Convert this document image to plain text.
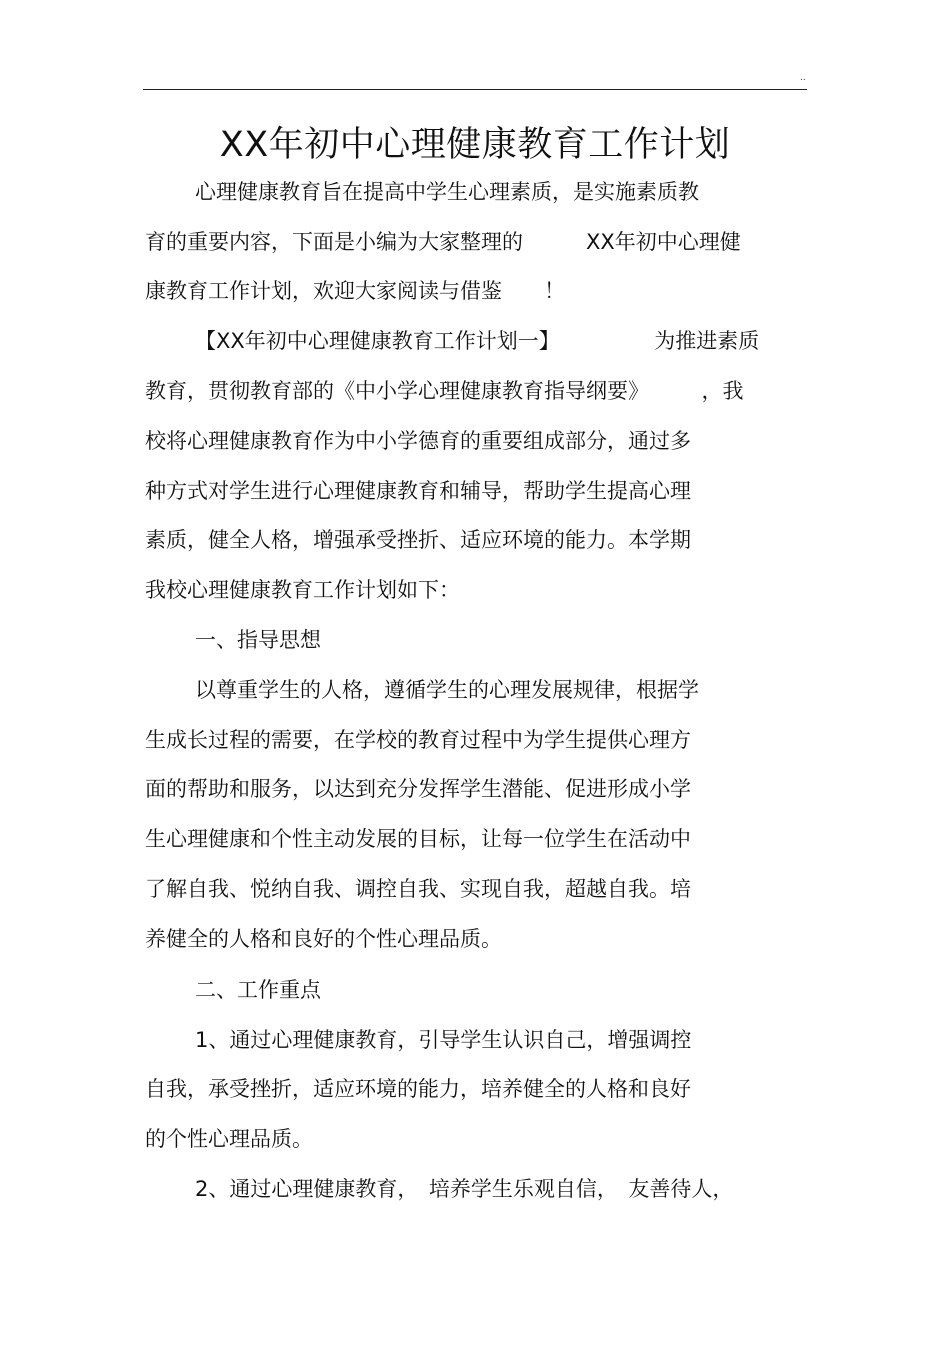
..
XX年初中心理健康教育工作计划
心理健康教育旨在提高中学生心理素质，是实施素质教
育的重要内容，下面是小编为大家整理的　　　XX年初中心理健
康教育工作计划，欢迎大家阅读与借鉴　　！
【XX年初中心理健康教育工作计划一】　　　　　为推进素质
教育，贯彻教育部的《中小学心理健康教育指导纲要》　　　，我
校将心理健康教育作为中小学德育的重要组成部分，通过多
种方式对学生进行心理健康教育和辅导，帮助学生提高心理
素质，健全人格，增强承受挫折、适应环境的能力。本学期
我校心理健康教育工作计划如下：
一、指导思想
以尊重学生的人格，遵循学生的心理发展规律，根据学
生成长过程的需要，在学校的教育过程中为学生提供心理方
面的帮助和服务，以达到充分发挥学生潜能、促进形成小学
生心理健康和个性主动发展的目标，让每一位学生在活动中
了解自我、悦纳自我、调控自我、实现自我，超越自我。培
养健全的人格和良好的个性心理品质。
二、工作重点
1、通过心理健康教育，引导学生认识自己，增强调控
自我，承受挫折，适应环境的能力，培养健全的人格和良好
的个性心理品质。
2、通过心理健康教育，　培养学生乐观自信，　友善待人，
